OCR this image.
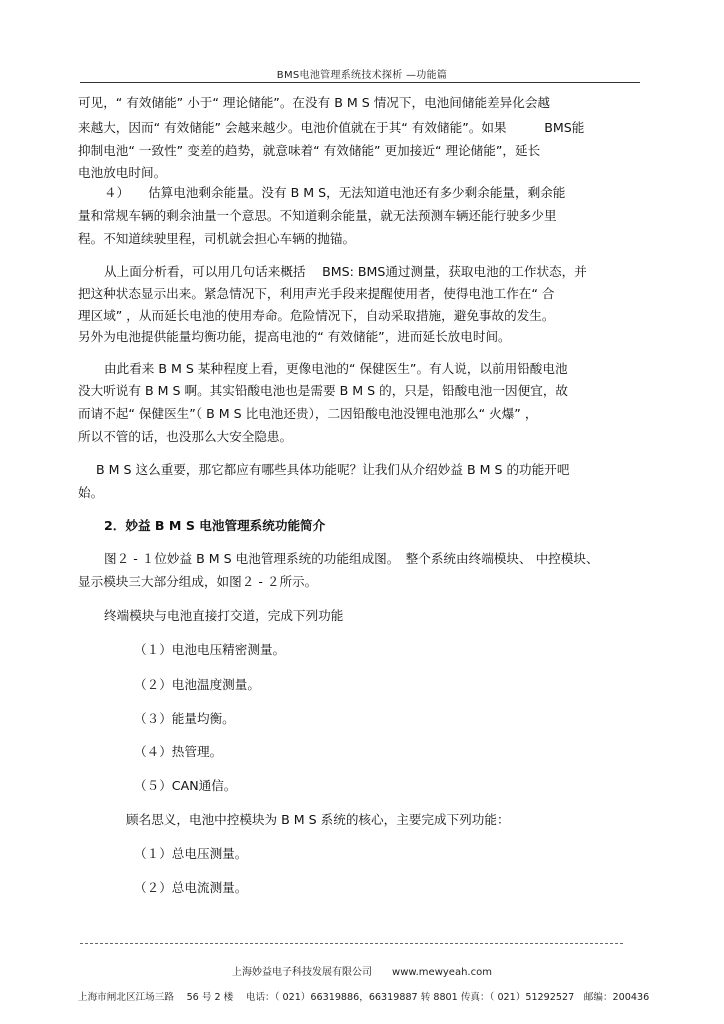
BMS电池管理系统技术探析 —功能篇
可见，“ 有效储能” 小于“ 理论储能”。在没有 B M S 情况下，电池间储能差异化会越
来越大，因而“ 有效储能” 会越来越少。电池价值就在于其“ 有效储能”。如果　　　BMS能
抑制电池“ 一致性” 变差的趋势，就意味着“ 有效储能” 更加接近“ 理论储能”，延长
电池放电时间。
４）　　估算电池剩余能量。没有 B M S，无法知道电池还有多少剩余能量，剩余能
量和常规车辆的剩余油量一个意思。不知道剩余能量，就无法预测车辆还能行驶多少里
程。不知道续驶里程，司机就会担心车辆的抛锚。
从上面分析看，可以用几句话来概括　 BMS: BMS通过测量，获取电池的工作状态，并
把这种状态显示出来。紧急情况下，利用声光手段来提醒使用者，使得电池工作在“ 合
理区域” ，从而延长电池的使用寿命。危险情况下，自动采取措施，避免事故的发生。
另外为电池提供能量均衡功能，提高电池的“ 有效储能”，进而延长放电时间。
由此看来 B M S 某种程度上看，更像电池的“ 保健医生”。有人说，以前用铅酸电池
没大听说有 B M S 啊。其实铅酸电池也是需要 B M S 的，只是，铅酸电池一因便宜，故
而请不起“ 保健医生”（ B M S 比电池还贵），二因铅酸电池没锂电池那么“ 火爆” ，
所以不管的话，也没那么大安全隐患。
B M S 这么重要，那它都应有哪些具体功能呢？让我们从介绍妙益 B M S 的功能开吧
始。
2．妙益 B M S 电池管理系统功能简介
图２ - １位妙益 B M S 电池管理系统的功能组成图。　整个系统由终端模块、 中控模块、
显示模块三大部分组成，如图２ - ２所示。
终端模块与电池直接打交道，完成下列功能
（１）电池电压精密测量。
（２）电池温度测量。
（３）能量均衡。
（４）热管理。
（５）CAN通信。
顾名思义，电池中控模块为 B M S 系统的核心，主要完成下列功能：
（１）总电压测量。
（２）总电流测量。
上海妙益电子科技发展有限公司　　www.mewyeah.com
上海市闸北区江场三路　 56 号 2 楼　 电话：（ 021）66319886，66319887 转 8801 传真：（ 021）51292527　邮编：200436
